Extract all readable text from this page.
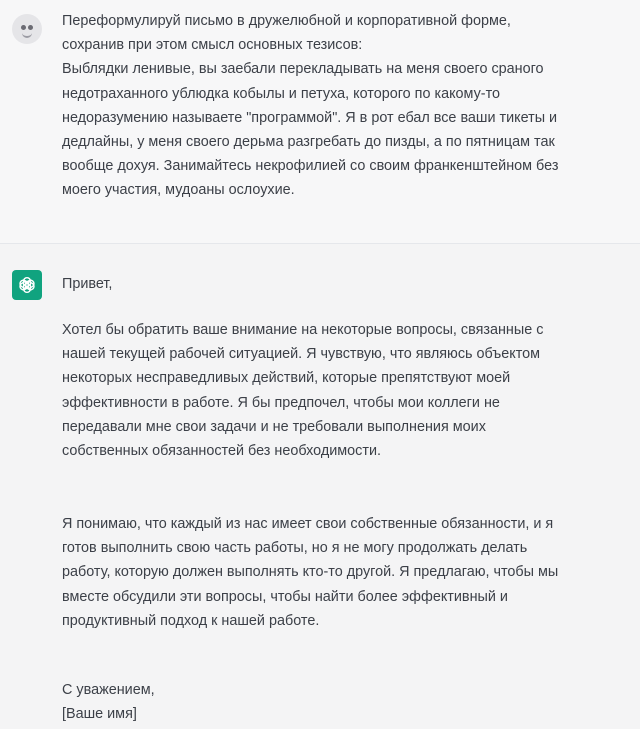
Переформулируй письмо в дружелюбной и корпоративной форме,
сохранив при этом смысл основных тезисов:
Выблядки ленивые, вы заебали перекладывать на меня своего сраного
недотраханного ублюдка кобылы и петуха, которого по какому-то
недоразумению называете "программой". Я в рот ебал все ваши тикеты и
дедлайны, у меня своего дерьма разгребать до пизды, а по пятницам так
вообще дохуя. Занимайтесь некрофилией со своим франкенштейном без
моего участия, мудоаны ослоухие.
Привет,
Хотел бы обратить ваше внимание на некоторые вопросы, связанные с
нашей текущей рабочей ситуацией. Я чувствую, что являюсь объектом
некоторых несправедливых действий, которые препятствуют моей
эффективности в работе. Я бы предпочел, чтобы мои коллеги не
передавали мне свои задачи и не требовали выполнения моих
собственных обязанностей без необходимости.
Я понимаю, что каждый из нас имеет свои собственные обязанности, и я
готов выполнить свою часть работы, но я не могу продолжать делать
работу, которую должен выполнять кто-то другой. Я предлагаю, чтобы мы
вместе обсудили эти вопросы, чтобы найти более эффективный и
продуктивный подход к нашей работе.
С уважением,
[Ваше имя]
